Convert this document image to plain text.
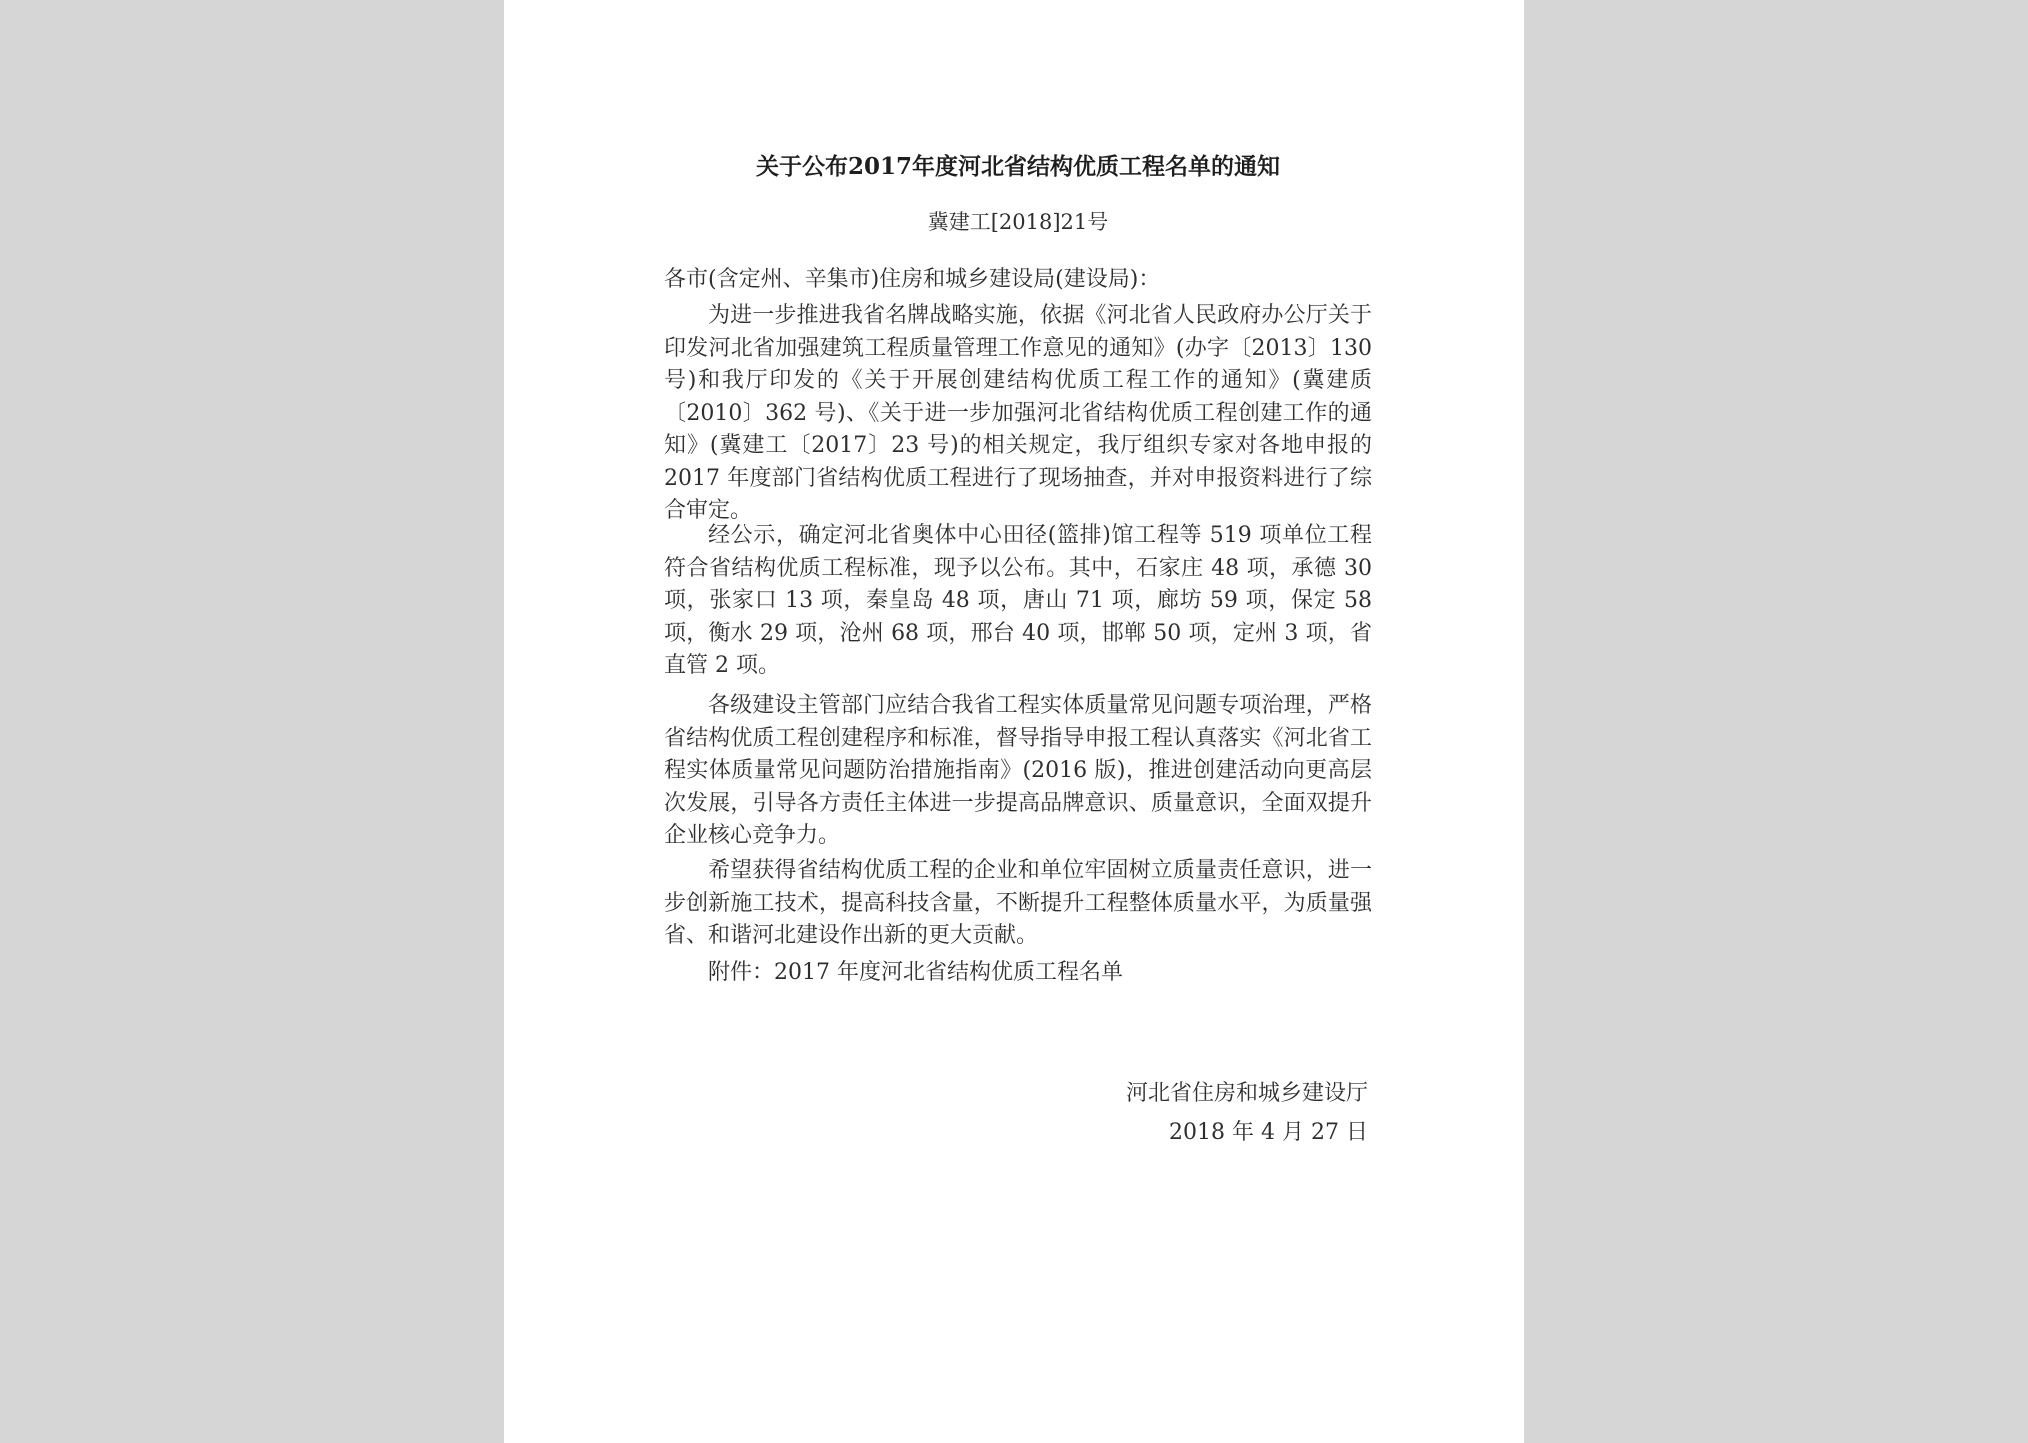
关于公布2017年度河北省结构优质工程名单的通知
冀建工[2018]21号
各市(含定州、辛集市)住房和城乡建设局(建设局)：

为进一步推进我省名牌战略实施，依据《河北省人民政府办公厅关于印发河北省加强建筑工程质量管理工作意见的通知》(办字〔2013〕130 号)和我厅印发的《关于开展创建结构优质工程工作的通知》(冀建质〔2010〕362 号)、《关于进一步加强河北省结构优质工程创建工作的通知》(冀建工〔2017〕23 号)的相关规定，我厅组织专家对各地申报的 2017 年度部门省结构优质工程进行了现场抽查，并对申报资料进行了综合审定。

经公示，确定河北省奥体中心田径(篮排)馆工程等 519 项单位工程符合省结构优质工程标准，现予以公布。其中，石家庄 48 项，承德 30 项，张家口 13 项，秦皇岛 48 项，唐山 71 项，廊坊 59 项，保定 58 项，衡水 29 项，沧州 68 项，邢台 40 项，邯郸 50 项，定州 3 项，省直管 2 项。

各级建设主管部门应结合我省工程实体质量常见问题专项治理，严格省结构优质工程创建程序和标准，督导指导申报工程认真落实《河北省工程实体质量常见问题防治措施指南》(2016 版)，推进创建活动向更高层次发展，引导各方责任主体进一步提高品牌意识、质量意识，全面双提升企业核心竞争力。

希望获得省结构优质工程的企业和单位牢固树立质量责任意识，进一步创新施工技术，提高科技含量，不断提升工程整体质量水平，为质量强省、和谐河北建设作出新的更大贡献。

附件：2017 年度河北省结构优质工程名单
河北省住房和城乡建设厅
2018 年 4 月 27 日
